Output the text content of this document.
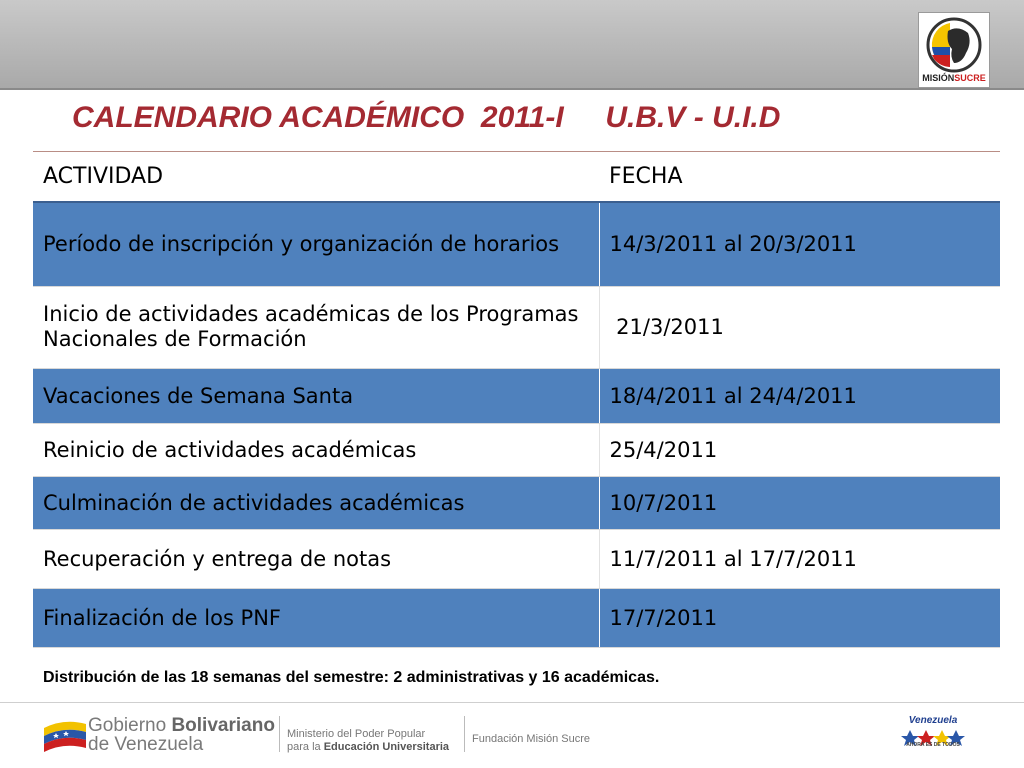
MISIÓNSUCRE
CALENDARIO ACADÉMICO  2011-I     U.B.V - U.I.D
ACTIVIDAD	FECHA

Período de inscripción y organización de horarios	14/3/2011 al 20/3/2011

Inicio de actividades académicas de los Programas Nacionales de Formación	21/3/2011
Vacaciones de Semana Santa	18/4/2011 al 24/4/2011
Reinicio de actividades académicas	25/4/2011
Culminación de actividades académicas	10/7/2011
Recuperación y entrega de notas	11/7/2011 al 17/7/2011
Finalización de los PNF	17/7/2011
Distribución de las 18 semanas del semestre: 2 administrativas y 16 académicas.
Gobierno Bolivariano
de Venezuela	Ministerio del Poder Popular
para la Educación Universitaria
Fundación Misión Sucre
Venezuela
AHORA ES DE TODOS
